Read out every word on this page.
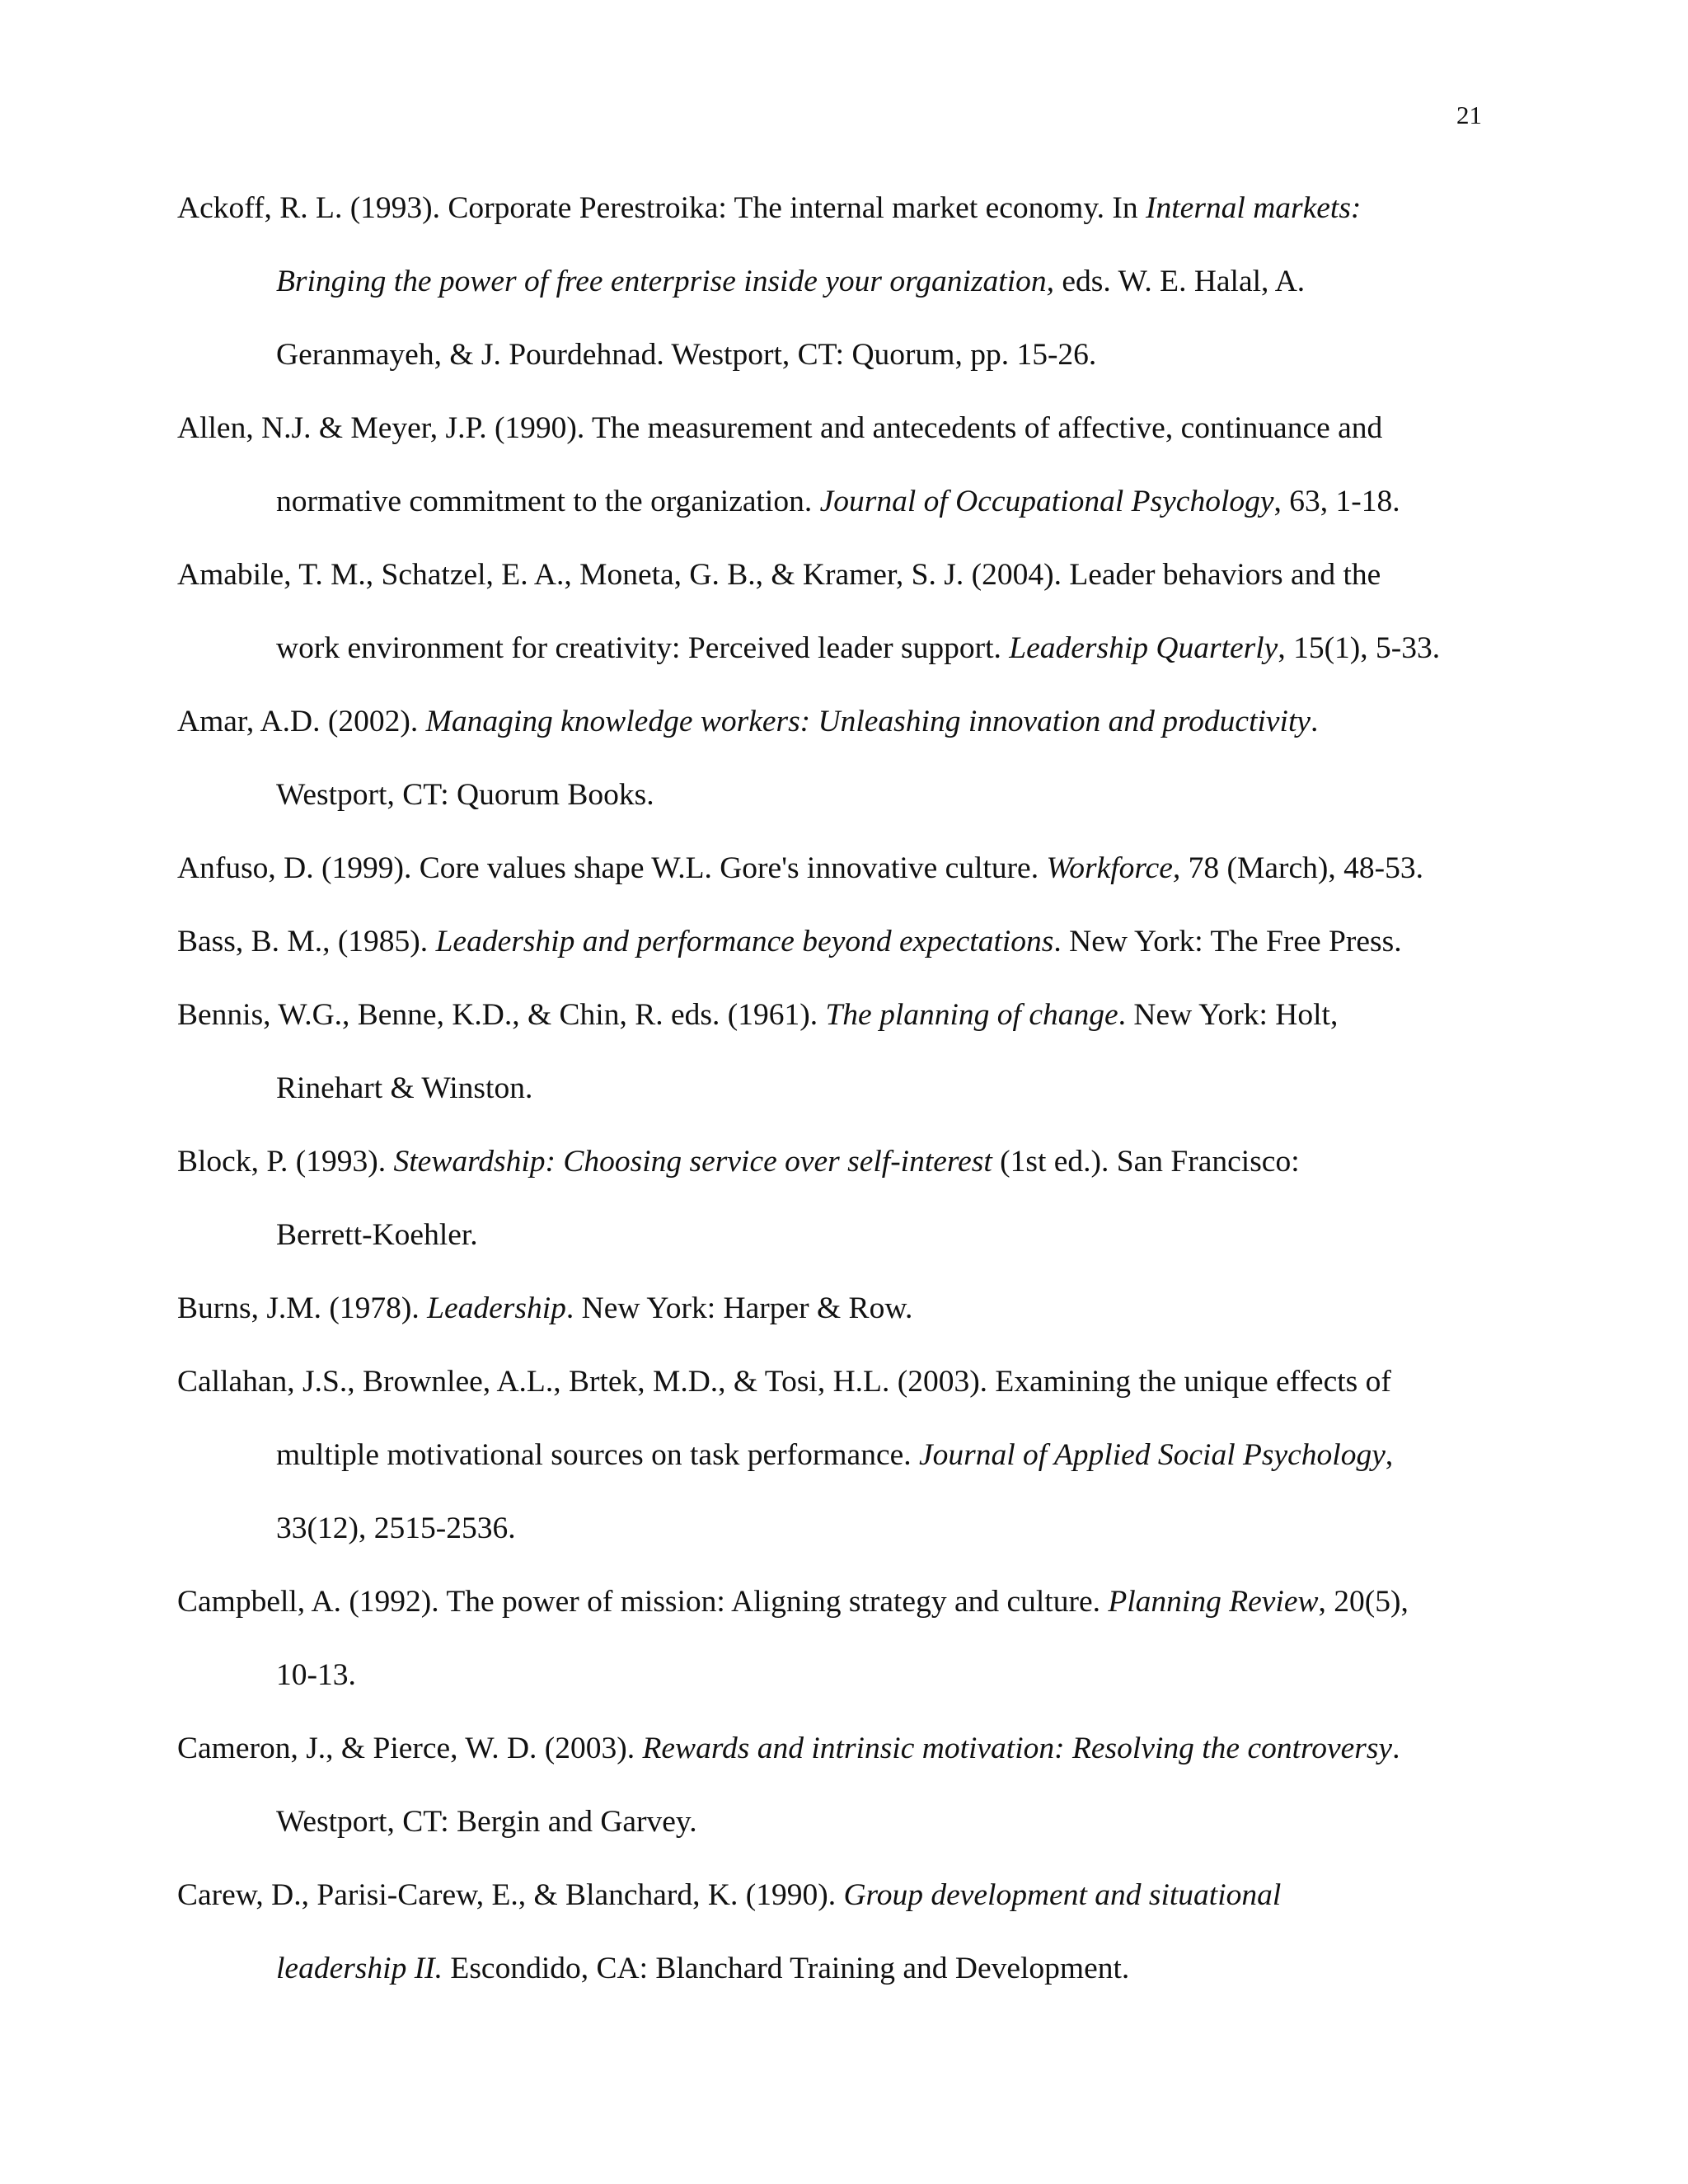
21
Ackoff, R. L. (1993). Corporate Perestroika: The internal market economy. In Internal markets:
Bringing the power of free enterprise inside your organization, eds. W. E. Halal, A.
Geranmayeh, & J. Pourdehnad. Westport, CT: Quorum, pp. 15-26.
Allen, N.J. & Meyer, J.P. (1990). The measurement and antecedents of affective, continuance and
normative commitment to the organization. Journal of Occupational Psychology, 63, 1-18.
Amabile, T. M., Schatzel, E. A., Moneta, G. B., & Kramer, S. J. (2004). Leader behaviors and the
work environment for creativity: Perceived leader support. Leadership Quarterly, 15(1), 5-33.
Amar, A.D. (2002). Managing knowledge workers: Unleashing innovation and productivity.
Westport, CT: Quorum Books.
Anfuso, D. (1999). Core values shape W.L. Gore's innovative culture. Workforce, 78 (March), 48-53.
Bass, B. M., (1985). Leadership and performance beyond expectations. New York: The Free Press.
Bennis, W.G., Benne, K.D., & Chin, R. eds. (1961). The planning of change. New York: Holt,
Rinehart & Winston.
Block, P. (1993). Stewardship: Choosing service over self-interest (1st ed.). San Francisco:
Berrett-Koehler.
Burns, J.M. (1978). Leadership. New York: Harper & Row.
Callahan, J.S., Brownlee, A.L., Brtek, M.D., & Tosi, H.L. (2003). Examining the unique effects of
multiple motivational sources on task performance. Journal of Applied Social Psychology,
33(12), 2515-2536.
Campbell, A. (1992). The power of mission: Aligning strategy and culture. Planning Review, 20(5),
10-13.
Cameron, J., & Pierce, W. D. (2003). Rewards and intrinsic motivation: Resolving the controversy.
Westport, CT: Bergin and Garvey.
Carew, D., Parisi-Carew, E., & Blanchard, K. (1990). Group development and situational
leadership II. Escondido, CA: Blanchard Training and Development.
